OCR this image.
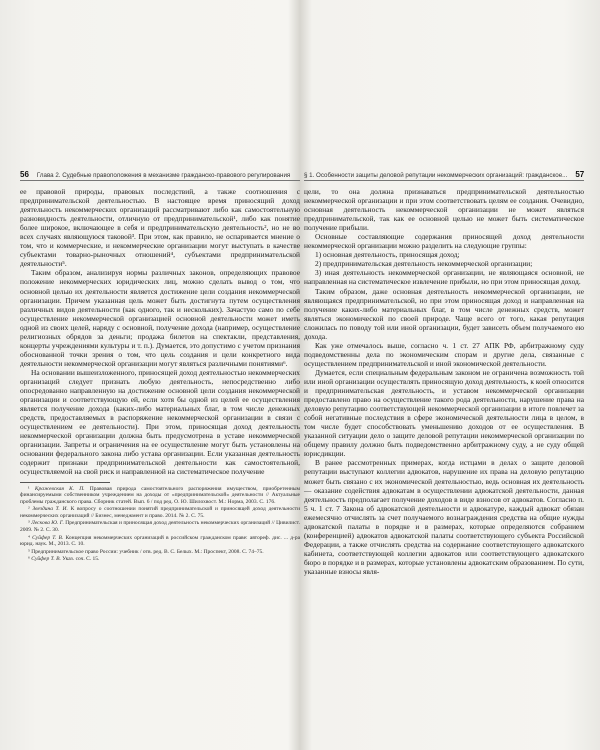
56 Глава 2. Судебные правоположения в механизме гражданско-правового регулирования

ее правовой природы, правовых последствий, а также соотношения с предпринимательской деятельностью. В настоящее время приносящий доход деятельность некоммерческих организаций рассматривают либо как самостоятельную разновидность деятельности, отличную от предпринимательской¹, либо как понятие более широкое, включающее в себя и предпринимательскую деятельность², но не во всех случаях являющуюся таковой³. При этом, как правило, не оспаривается мнение о том, что и коммерческие, и некоммерческие организации могут выступать в качестве субъектами товарно-рыночных отношений⁴, субъектами предпринимательской деятельности⁵.

Таким образом, анализируя нормы различных законов, определяющих правовое положение некоммерческих юридических лиц, можно сделать вывод о том, что основной целью их деятельности является достижение цели создания некоммерческой организации. Причем указанная цель может быть достигнута путем осуществления различных видов деятельности (как одного, так и нескольких). Зачастую само по себе осуществление некоммерческой организацией основной деятельности может иметь одной из своих целей, наряду с основной, получение дохода (например, осуществление религиозных обрядов за деньги; продажа билетов на спектакли, представления, концерты учреждениями культуры и т. п.). Думается, это допустимо с учетом признания обоснованной точки зрения о том, что цель создания и цели конкретного вида деятельности некоммерческой организации могут являться различными понятиями⁶.

На основании вышеизложенного, приносящей доход деятельностью некоммерческих организаций следует признать любую деятельность, непосредственно либо опосредованно направленную на достижение основной цели создания некоммерческой организации и соответствующую ей, если хотя бы одной из целей ее осуществления является получение дохода (каких-либо материальных благ, в том числе денежных средств, предоставляемых в распоряжение некоммерческой организации в связи с осуществлением ее деятельности). При этом, приносящая доход деятельность некоммерческой организации должна быть предусмотрена в уставе некоммерческой организации. Запреты и ограничения на ее осуществление могут быть установлены на основании федерального закона либо устава организации. Если указанная деятельность содержит признаки предпринимательской деятельности как самостоятельной, осуществляемой на свой риск и направленной на систематическое получение

¹ Кражевская К. П. Правовая природа самостоятельного распоряжения имуществом, приобретенным финансируемыми собственником учреждением на доходы от «предпринимательской» деятельности // Актуальные проблемы гражданского права. Сборник статей. Вып. 6 / под ред. О. Ю. Шилохвост. М.: Норма, 2003. С. 176.

² Звездина Т. И. К вопросу о соотношении понятий предпринимательской и приносящей доход деятельности некоммерческих организаций // Бизнес, менеджмент и право. 2014. № 2. С. 75.

³ Лескова Ю. Г. Предпринимательская и приносящая доход деятельность некоммерческих организаций // Цивилист. 2009. № 2. С. 30.

⁴ Суйфер Т. В. Концепция некоммерческих организаций в российском гражданском праве: автореф. дис. ... д-ра юрид. наук. М., 2013. С. 10.

⁵ Предпринимательское право России: учебник / отв. ред. В. С. Белых. М.: Проспект, 2008. С. 74–75.

⁶ Суйфер Т. В. Указ. соч. С. 15.

§ 1. Особенности защиты деловой репутации некоммерческих организаций: гражданское... 57

цели, то она должна признаваться предпринимательской деятельностью некоммерческой организации и при этом соответствовать целям ее создания. Очевидно, основная деятельность некоммерческой организации не может являться предпринимательской, так как ее основной целью не может быть систематическое получение прибыли.

Основные составляющие содержания приносящей доход деятельности некоммерческой организации можно разделить на следующие группы:

1) основная деятельность, приносящая доход;

2) предпринимательская деятельность некоммерческой организации;

3) иная деятельность некоммерческой организации, не являющаяся основной, не направленная на систематическое извлечение прибыли, но при этом приносящая доход.

Таким образом, даже основная деятельность некоммерческой организации, не являющаяся предпринимательской, но при этом приносящая доход и направленная на получение каких-либо материальных благ, в том числе денежных средств, может являться экономической по своей природе. Чаще всего от того, какая репутация сложилась по поводу той или иной организации, будет зависеть объем получаемого ею дохода.

Как уже отмечалось выше, согласно ч. 1 ст. 27 АПК РФ, арбитражному суду подведомственны дела по экономическим спорам и другие дела, связанные с осуществлением предпринимательской и иной экономической деятельности.

Думается, если специальным федеральным законом не ограничена возможность той или иной организации осуществлять приносящую доход деятельность, к коей относится и предпринимательская деятельность, и уставом некоммерческой организации предоставлено право на осуществление такого рода деятельности, нарушение права на деловую репутацию соответствующей некоммерческой организации в итоге повлечет за собой негативные последствия в сфере экономической деятельности лица в целом, в том числе будет способствовать уменьшению доходов от ее осуществления. В указанной ситуации дело о защите деловой репутации некоммерческой организации по общему правилу должно быть подведомственно арбитражному суду, а не суду общей юрисдикции.

В ранее рассмотренных примерах, когда истцами в делах о защите деловой репутации выступают коллегии адвокатов, нарушение их права на деловую репутацию может быть связано с их экономической деятельностью, ведь основная их деятельность — оказание содействия адвокатам в осуществлении адвокатской деятельности, данная деятельность предполагает получение доходов в виде взносов от адвокатов. Согласно п. 5 ч. 1 ст. 7 Закона об адвокатской деятельности и адвокатуре, каждый адвокат обязан ежемесячно отчислять за счет получаемого вознаграждения средства на общие нужды адвокатской палаты в порядке и в размерах, которые определяются собранием (конференцией) адвокатов адвокатской палаты соответствующего субъекта Российской Федерации, а также отчислять средства на содержание соответствующего адвокатского кабинета, соответствующей коллегии адвокатов или соответствующего адвокатского бюро в порядке и в размерах, которые установлены адвокатским образованием. По сути, указанные взносы явля-
